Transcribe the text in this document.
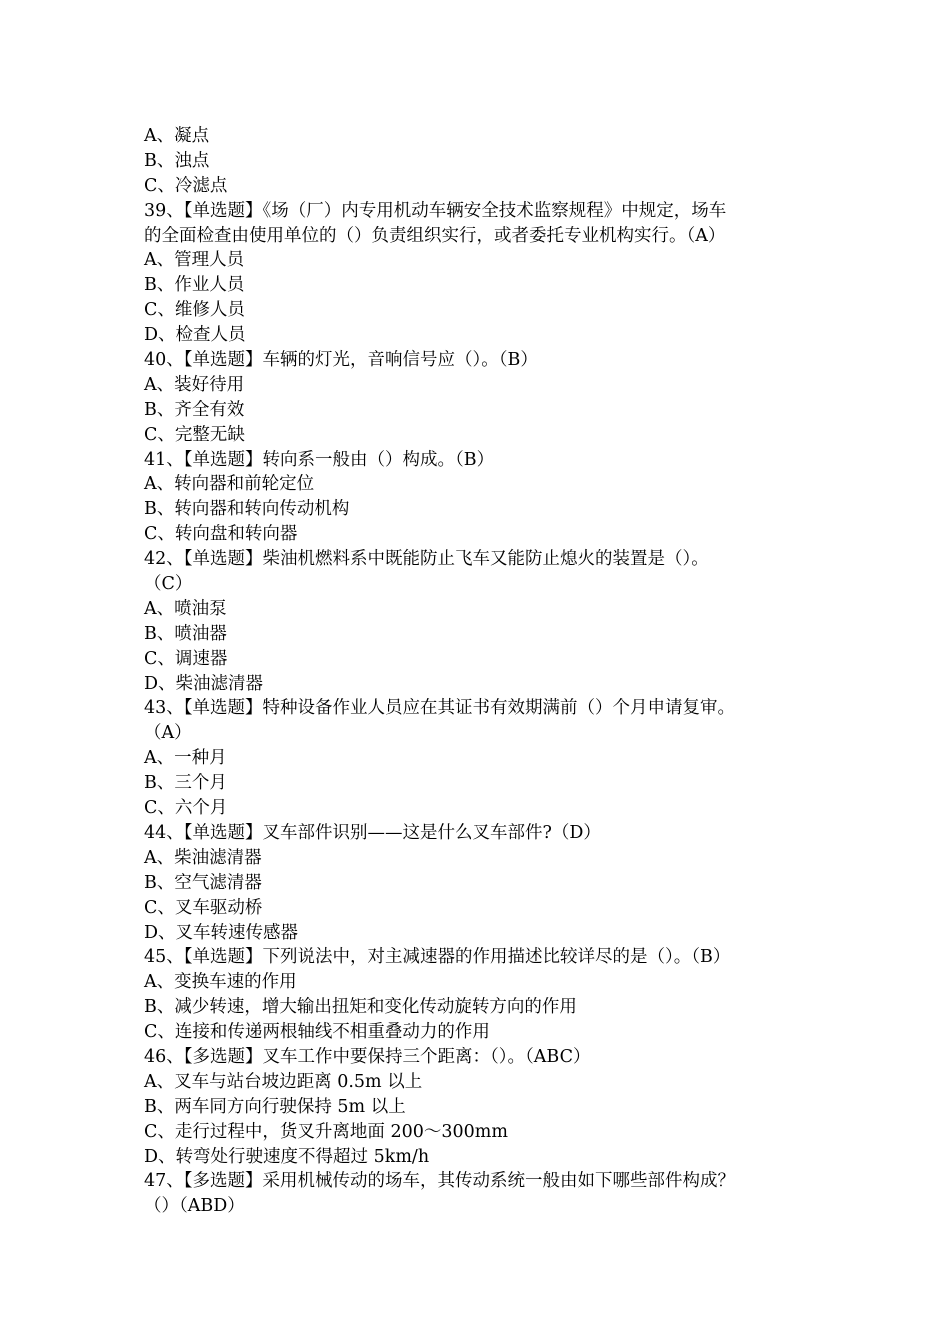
A、凝点
B、浊点
C、冷滤点
39、【单选题】《场（厂）内专用机动车辆安全技术监察规程》中规定，场车
的全面检查由使用单位的（）负责组织实行，或者委托专业机构实行。（A）
A、管理人员
B、作业人员
C、维修人员
D、检查人员
40、【单选题】车辆的灯光，音响信号应（）。（B）
A、装好待用
B、齐全有效
C、完整无缺
41、【单选题】转向系一般由（）构成。（B）
A、转向器和前轮定位
B、转向器和转向传动机构
C、转向盘和转向器
42、【单选题】柴油机燃料系中既能防止飞车又能防止熄火的装置是（）。
（C）
A、喷油泵
B、喷油器
C、调速器
D、柴油滤清器
43、【单选题】特种设备作业人员应在其证书有效期满前（）个月申请复审。
（A）
A、一种月
B、三个月
C、六个月
44、【单选题】叉车部件识别——这是什么叉车部件?（D）
A、柴油滤清器
B、空气滤清器
C、叉车驱动桥
D、叉车转速传感器
45、【单选题】下列说法中，对主减速器的作用描述比较详尽的是（）。（B）
A、变换车速的作用
B、减少转速，增大输出扭矩和变化传动旋转方向的作用
C、连接和传递两根轴线不相重叠动力的作用
46、【多选题】叉车工作中要保持三个距离：（）。（ABC）
A、叉车与站台坡边距离 0.5m 以上
B、两车同方向行驶保持 5m 以上
C、走行过程中，货叉升离地面 200～300mm
D、转弯处行驶速度不得超过 5km/h
47、【多选题】采用机械传动的场车，其传动系统一般由如下哪些部件构成？
（）（ABD）
